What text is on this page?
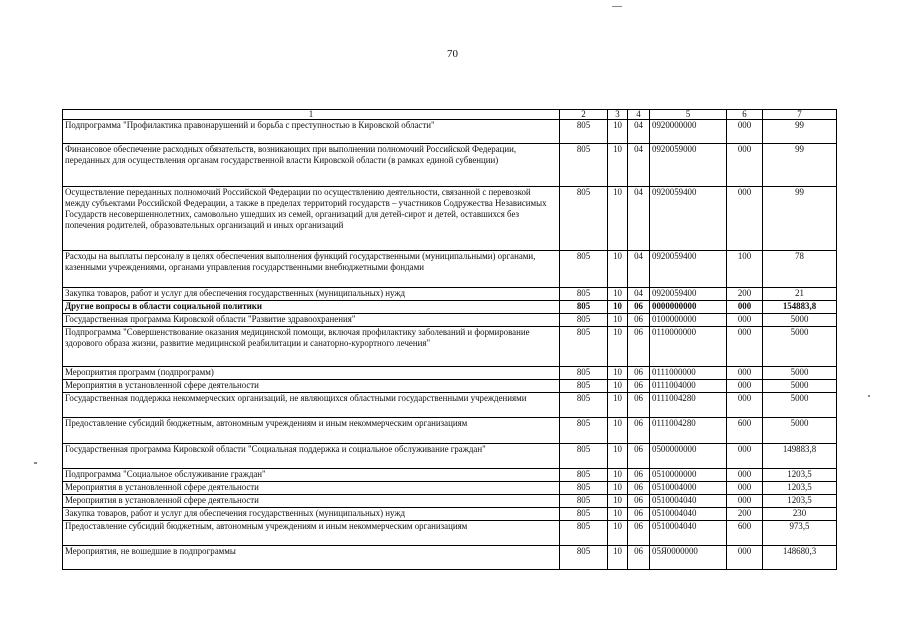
70
1	2	3	4	5	6	7
Подпрограмма "Профилактика правонарушений и борьба с преступностью в Кировской области"	805	10	04	0920000000	000	99
Финансовое обеспечение расходных обязательств, возникающих при выполнении полномочий Российской Федерации, переданных для осуществления органам государственной власти Кировской области (в рамках единой субвенции)	805	10	04	0920059000	000	99
Осуществление переданных полномочий Российской Федерации по осуществлению деятельности, связанной с перевозкой между субъектами Российской Федерации, а также в пределах территорий государств – участников Содружества Независимых Государств несовершеннолетних, самовольно ушедших из семей, организаций для детей-сирот и детей, оставшихся без попечения родителей, образовательных организаций и иных организаций	805	10	04	0920059400	000	99
Расходы на выплаты персоналу в целях обеспечения выполнения функций государственными (муниципальными) органами, казенными учреждениями, органами управления государственными внебюджетными фондами	805	10	04	0920059400	100	78
Закупка товаров, работ и услуг для обеспечения государственных (муниципальных) нужд	805	10	04	0920059400	200	21
Другие вопросы в области социальной политики	805	10	06	0000000000	000	154883,8
Государственная программа Кировской области "Развитие здравоохранения"	805	10	06	0100000000	000	5000
Подпрограмма "Совершенствование оказания медицинской помощи, включая профилактику заболеваний и формирование здорового образа жизни, развитие медицинской реабилитации и санаторно-курортного лечения"	805	10	06	0110000000	000	5000
Мероприятия программ (подпрограмм)	805	10	06	0111000000	000	5000
Мероприятия в установленной сфере деятельности	805	10	06	0111004000	000	5000
Государственная поддержка некоммерческих организаций, не являющихся областными государственными учреждениями	805	10	06	0111004280	000	5000
Предоставление субсидий бюджетным, автономным учреждениям и иным некоммерческим организациям	805	10	06	0111004280	600	5000
Государственная программа Кировской области "Социальная поддержка и социальное обслуживание граждан"	805	10	06	0500000000	000	149883,8
Подпрограмма "Социальное обслуживание граждан"	805	10	06	0510000000	000	1203,5
Мероприятия в установленной сфере деятельности	805	10	06	0510004000	000	1203,5
Мероприятия в установленной сфере деятельности	805	10	06	0510004040	000	1203,5
Закупка товаров, работ и услуг для обеспечения государственных (муниципальных) нужд	805	10	06	0510004040	200	230
Предоставление субсидий бюджетным, автономным учреждениям и иным некоммерческим организациям	805	10	06	0510004040	600	973,5
Мероприятия, не вошедшие в подпрограммы	805	10	06	05Я0000000	000	148680,3
